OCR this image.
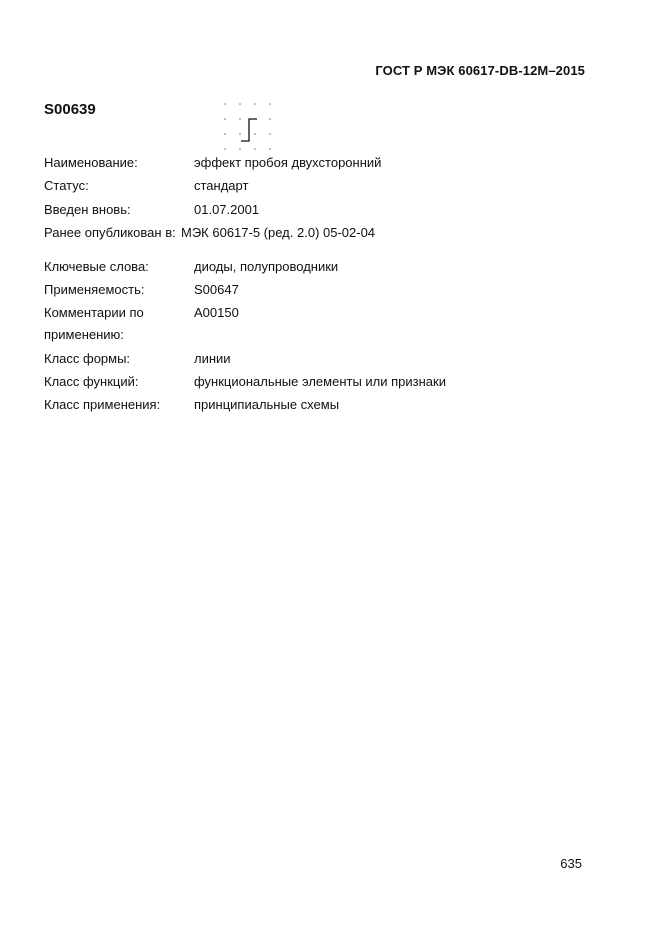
ГОСТ Р МЭК 60617-DB-12М–2015
S00639
Наименование:	эффект пробоя двухсторонний
Статус:	стандарт
Введен вновь:	01.07.2001
Ранее опубликован в: МЭК 60617-5 (ред. 2.0) 05-02-04
Ключевые слова:	диоды, полупроводники
Применяемость:	S00647
Комментарии по
применению:
A00150
Класс формы:	линии
Класс функций:	функциональные элементы или признаки
Класс применения:	принципиальные схемы
635
